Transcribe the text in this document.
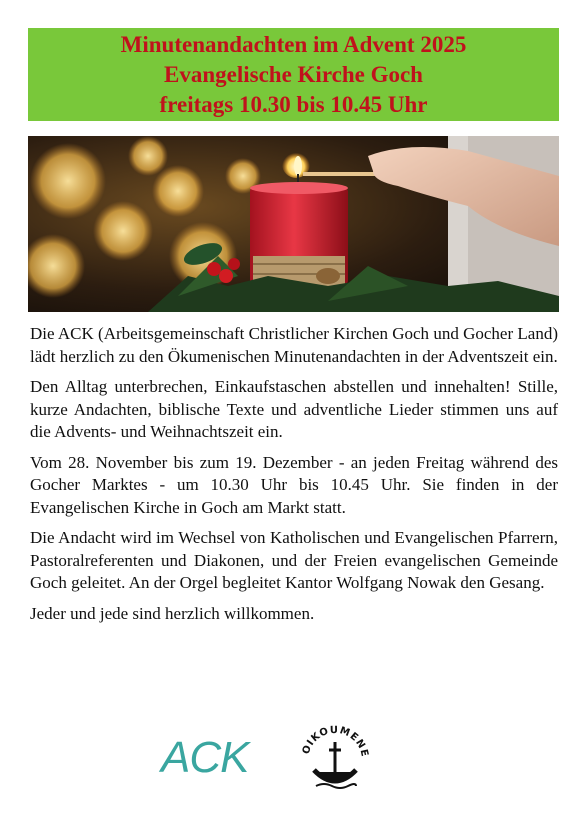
Minutenandachten im Advent 2025
Evangelische Kirche Goch
freitags 10.30 bis 10.45 Uhr

Die ACK (Arbeitsgemeinschaft Christlicher Kirchen Goch und Gocher Land) lädt herzlich zu den Ökumenischen Minutenandachten in der Adventszeit ein.

Den Alltag unterbrechen, Einkaufstaschen abstellen und innehalten! Stille, kurze Andachten, biblische Texte und adventliche Lieder stimmen uns auf die Advents- und Weihnachtszeit ein.

Vom 28. November bis zum 19. Dezember - an jeden Freitag während des Gocher Marktes - um 10.30 Uhr bis 10.45 Uhr. Sie finden in der Evangelischen Kirche in Goch am Markt statt.

Die Andacht wird im Wechsel von Katholischen und Evangelischen Pfarrern, Pastoralreferenten und Diakonen, und der Freien evangelischen Gemeinde Goch geleitet. An der Orgel begleitet Kantor Wolfgang Nowak den Gesang.

Jeder und jede sind herzlich willkommen.

ACK	OIKOUMENE
